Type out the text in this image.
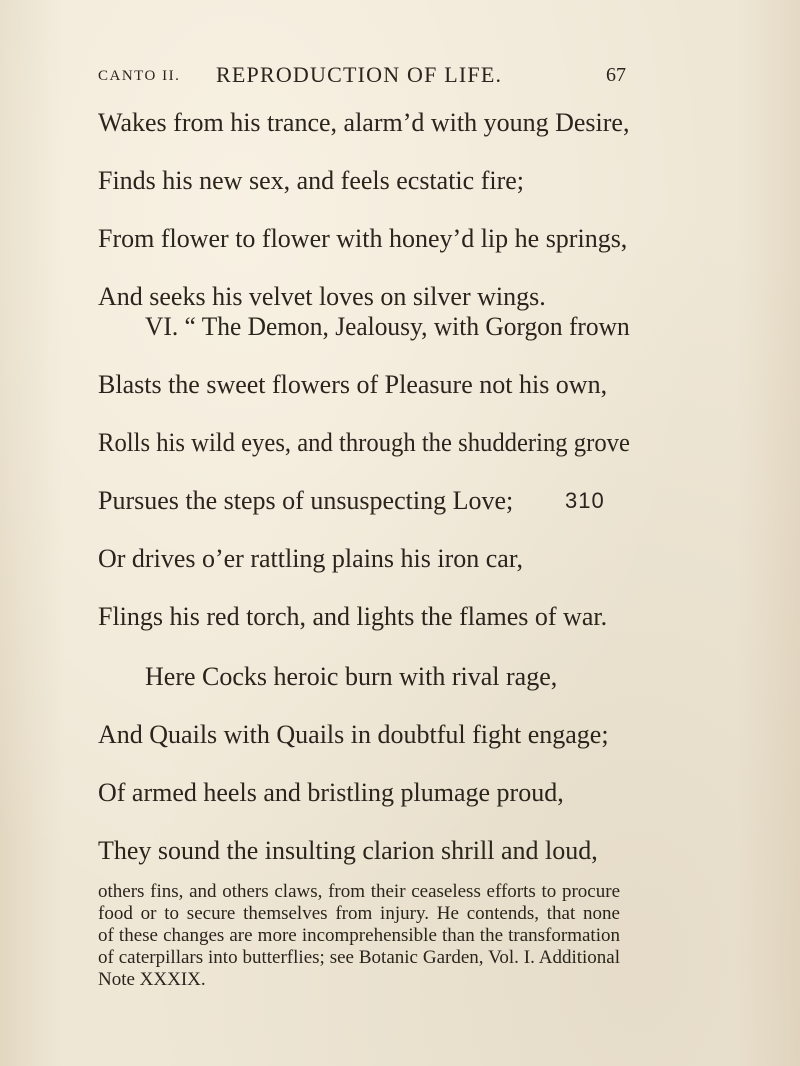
CANTO II. REPRODUCTION OF LIFE.	67
Wakes from his trance, alarm’d with young Desire,
Finds his new sex, and feels ecstatic fire;
From flower to flower with honey’d lip he springs,
And seeks his velvet loves on silver wings.
VI. “ The Demon, Jealousy, with Gorgon frown
Blasts the sweet flowers of Pleasure not his own,
Rolls his wild eyes, and through the shuddering grove
Pursues the steps of unsuspecting Love;
Or drives o’er rattling plains his iron car,
Flings his red torch, and lights the flames of war.
Here Cocks heroic burn with rival rage,
And Quails with Quails in doubtful fight engage;
Of armed heels and bristling plumage proud,
They sound the insulting clarion shrill and loud,
310
others fins, and others claws, from their ceaseless efforts to procure
food or to secure themselves from injury. He contends, that none
of these changes are more incomprehensible than the transformation
of caterpillars into butterflies; see Botanic Garden, Vol. I. Additional
Note XXXIX.
